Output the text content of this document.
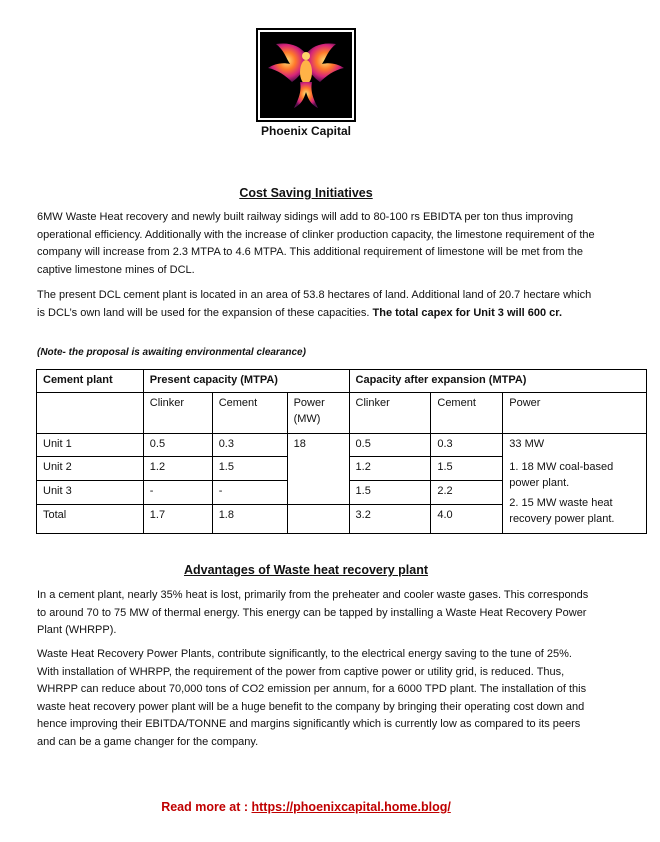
Phoenix Capital
Cost Saving Initiatives

6MW Waste Heat recovery and newly built railway sidings will add to 80-100 rs EBIDTA per ton thus improving operational efficiency. Additionally with the increase of clinker production capacity, the limestone requirement of the company will increase from 2.3 MTPA to 4.6 MTPA. This additional requirement of limestone will be met from the captive limestone mines of DCL.

The present DCL cement plant is located in an area of 53.8 hectares of land. Additional land of 20.7 hectare which is DCL’s own land will be used for the expansion of these capacities. The total capex for Unit 3 will 600 cr.

(Note- the proposal is awaiting environmental clearance)
Cement plant	Present capacity (MTPA)			Capacity after expansion (MTPA)		
	Clinker	Cement	Power (MW)	Clinker	Cement	Power
Unit 1	0.5	0.3	18	0.5	0.3	33 MW
Unit 2	1.2	1.5		1.2	1.5	1. 18 MW coal-based power plant.
2. 15 MW waste heat recovery power plant.

Unit 3	-	-		1.5	2.2	
Total	1.7	1.8		3.2	4.0	
Advantages of Waste heat recovery plant

In a cement plant, nearly 35% heat is lost, primarily from the preheater and cooler waste gases. This corresponds to around 70 to 75 MW of thermal energy. This energy can be tapped by installing a Waste Heat Recovery Power Plant (WHRPP).

Waste Heat Recovery Power Plants, contribute significantly, to the electrical energy saving to the tune of 25%. With installation of WHRPP, the requirement of the power from captive power or utility grid, is reduced. Thus, WHRPP can reduce about 70,000 tons of CO2 emission per annum, for a 6000 TPD plant. The installation of this waste heat recovery power plant will be a huge benefit to the company by bringing their operating cost down and hence improving their EBITDA/TONNE and margins significantly which is currently low as compared to its peers and can be a game changer for the company.

Read more at : https://phoenixcapital.home.blog/
